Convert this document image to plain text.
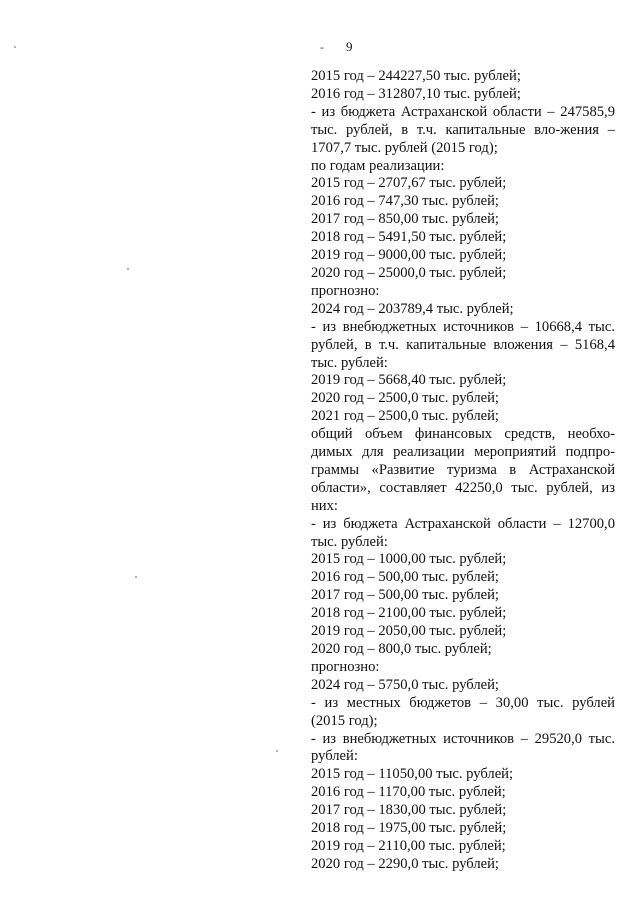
- 9
2015 год – 244227,50 тыс. рублей;
2016 год – 312807,10 тыс. рублей;
- из бюджета Астраханской области – 247585,9 тыс. рублей, в т.ч. капитальные вло-жения – 1707,7 тыс. рублей (2015 год);
по годам реализации:
2015 год – 2707,67 тыс. рублей;
2016 год – 747,30 тыс. рублей;
2017 год – 850,00 тыс. рублей;
2018 год – 5491,50 тыс. рублей;
2019 год – 9000,00 тыс. рублей;
2020 год – 25000,0 тыс. рублей;
прогнозно:
2024 год – 203789,4 тыс. рублей;
- из внебюджетных источников – 10668,4 тыс. рублей, в т.ч. капитальные вложения – 5168,4 тыс. рублей:
2019 год – 5668,40 тыс. рублей;
2020 год – 2500,0 тыс. рублей;
2021 год – 2500,0 тыс. рублей;
общий объем финансовых средств, необхо-димых для реализации мероприятий подпро-граммы «Развитие туризма в Астраханской области», составляет 42250,0 тыс. рублей, из них:
- из бюджета Астраханской области – 12700,0 тыс. рублей:
2015 год – 1000,00 тыс. рублей;
2016 год – 500,00 тыс. рублей;
2017 год – 500,00 тыс. рублей;
2018 год – 2100,00 тыс. рублей;
2019 год – 2050,00 тыс. рублей;
2020 год – 800,0 тыс. рублей;
прогнозно:
2024 год – 5750,0 тыс. рублей;
- из местных бюджетов – 30,00 тыс. рублей (2015 год);
- из внебюджетных источников – 29520,0 тыс. рублей:
2015 год – 11050,00 тыс. рублей;
2016 год – 1170,00 тыс. рублей;
2017 год – 1830,00 тыс. рублей;
2018 год – 1975,00 тыс. рублей;
2019 год – 2110,00 тыс. рублей;
2020 год – 2290,0 тыс. рублей;
